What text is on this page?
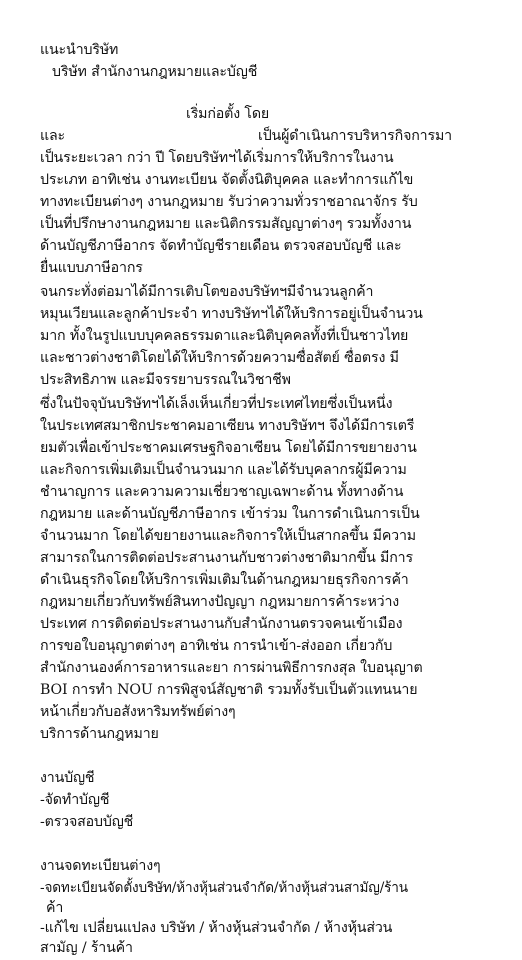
แนะนำบริษัท
บริษัท สำนักงานกฎหมายและบัญชี
เริ่มก่อตั้ง โดย
และ	เป็นผู้ดำเนินการบริหารกิจการมา
เป็นระยะเวลา กว่า ปี โดยบริษัทฯได้เริ่มการให้บริการในงาน
ประเภท อาทิเช่น งานทะเบียน จัดตั้งนิติบุคคล และทำการแก้ไข
ทางทะเบียนต่างๆ งานกฎหมาย รับว่าความทั่วราชอาณาจักร รับ
เป็นที่ปรึกษางานกฎหมาย และนิติกรรมสัญญาต่างๆ รวมทั้งงาน
ด้านบัญชีภาษีอากร จัดทำบัญชีรายเดือน ตรวจสอบบัญชี และ
ยื่นแบบภาษีอากร
จนกระทั่งต่อมาได้มีการเติบโตของบริษัทฯมีจำนวนลูกค้า
หมุนเวียนและลูกค้าประจำ ทางบริษัทฯได้ให้บริการอยู่เป็นจำนวน
มาก ทั้งในรูปแบบบุคคลธรรมดาและนิติบุคคลทั้งที่เป็นชาวไทย
และชาวต่างชาติโดยได้ให้บริการด้วยความซื่อสัตย์ ซื่อตรง มี
ประสิทธิภาพ และมีจรรยาบรรณในวิชาชีพ
ซึ่งในปัจจุบันบริษัทฯได้เล็งเห็นเกี่ยวที่ประเทศไทยซึ่งเป็นหนึ่ง
ในประเทศสมาชิกประชาคมอาเซียน ทางบริษัทฯ จึงได้มีการเตรี
ยมตัวเพื่อเข้าประชาคมเศรษฐกิจอาเซียน โดยได้มีการขยายงาน
และกิจการเพิ่มเติมเป็นจำนวนมาก และได้รับบุคลากรผู้มีความ
ชำนาญการ และความความเชี่ยวชาญเฉพาะด้าน ทั้งทางด้าน
กฎหมาย และด้านบัญชีภาษีอากร เข้าร่วม ในการดำเนินการเป็น
จำนวนมาก โดยได้ขยายงานและกิจการให้เป็นสากลขึ้น มีความ
สามารถในการติดต่อประสานงานกับชาวต่างชาติมากขึ้น มีการ
ดำเนินธุรกิจโดยให้บริการเพิ่มเติมในด้านกฎหมายธุรกิจการค้า
กฎหมายเกี่ยวกับทรัพย์สินทางปัญญา กฎหมายการค้าระหว่าง
ประเทศ การติดต่อประสานงานกับสำนักงานตรวจคนเข้าเมือง
การขอใบอนุญาตต่างๆ อาทิเช่น การนำเข้า-ส่งออก เกี่ยวกับ
สำนักงานองค์การอาหารและยา การผ่านพิธีการกงสุล ใบอนุญาต
BOI การทำ NOU การพิสูจน์สัญชาติ รวมทั้งรับเป็นตัวแทนนาย
หน้าเกี่ยวกับอสังหาริมทรัพย์ต่างๆ
บริการด้านกฎหมาย
งานบัญชี
-จัดทำบัญชี
-ตรวจสอบบัญชี
งานจดทะเบียนต่างๆ
-จดทะเบียนจัดตั้งบริษัท/ห้างหุ้นส่วนจำกัด/ห้างหุ้นส่วนสามัญ/ร้าน
ค้า
-แก้ไข เปลี่ยนแปลง บริษัท / ห้างหุ้นส่วนจำกัด / ห้างหุ้นส่วน
สามัญ / ร้านค้า
